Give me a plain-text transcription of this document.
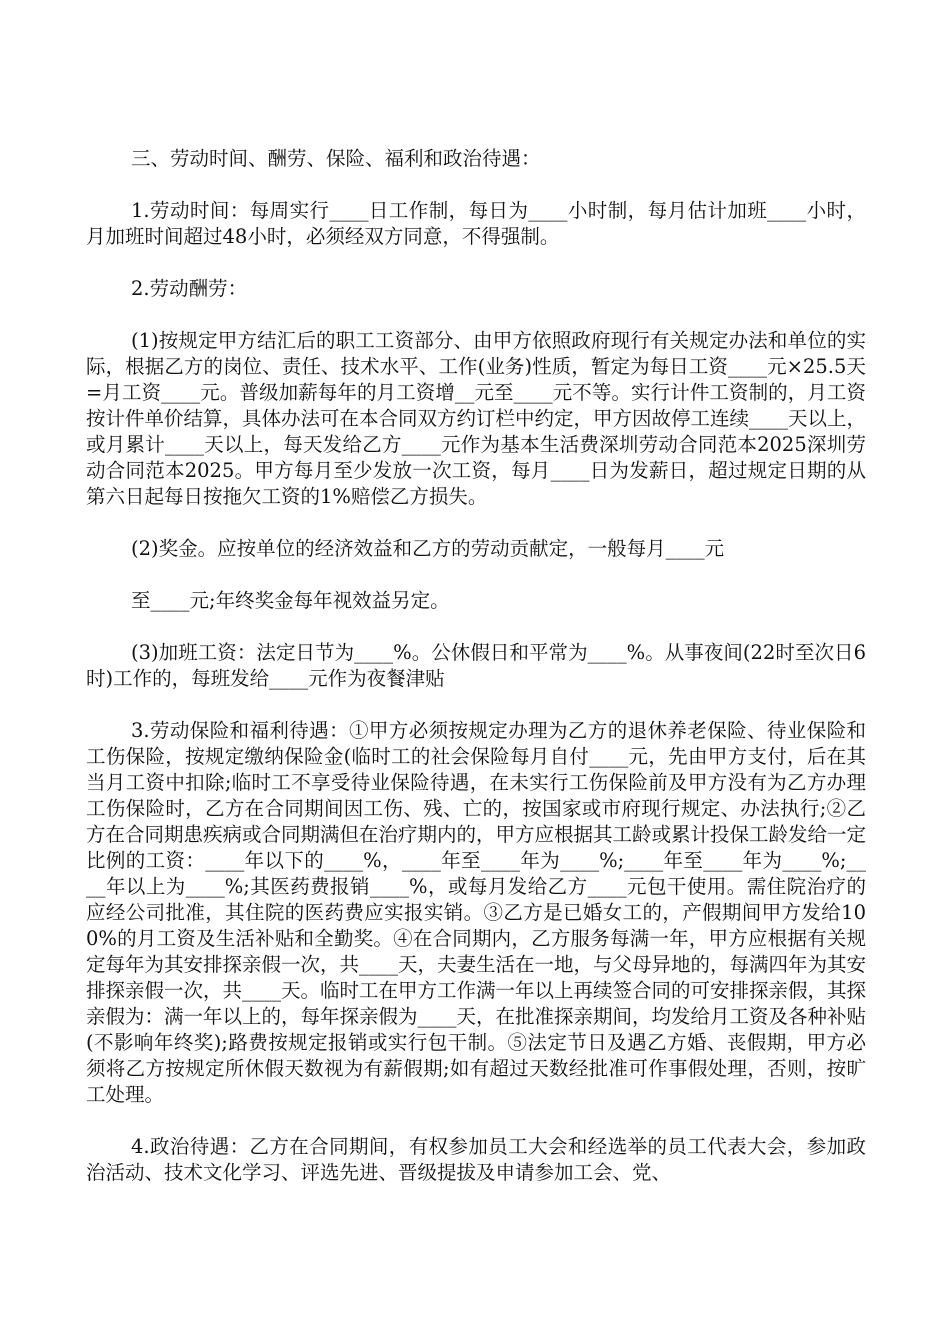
三、劳动时间、酬劳、保险、福利和政治待遇：

1.劳动时间：每周实行____日工作制，每日为____小时制，每月估计加班____小时，月加班时间超过48小时，必须经双方同意，不得强制。

2.劳动酬劳：

(1)按规定甲方结汇后的职工工资部分、由甲方依照政府现行有关规定办法和单位的实际，根据乙方的岗位、责任、技术水平、工作(业务)性质，暂定为每日工资____元×25.5天=月工资____元。普级加薪每年的月工资增__元至____元不等。实行计件工资制的，月工资按计件单价结算，具体办法可在本合同双方约订栏中约定，甲方因故停工连续____天以上，或月累计____天以上，每天发给乙方____元作为基本生活费深圳劳动合同范本2025深圳劳动合同范本2025。甲方每月至少发放一次工资，每月____日为发薪日，超过规定日期的从第六日起每日按拖欠工资的1%赔偿乙方损失。

(2)奖金。应按单位的经济效益和乙方的劳动贡献定，一般每月____元

至____元;年终奖金每年视效益另定。

(3)加班工资：法定日节为____%。公休假日和平常为____%。从事夜间(22时至次日6时)工作的，每班发给____元作为夜餐津贴

3.劳动保险和福利待遇：①甲方必须按规定办理为乙方的退休养老保险、待业保险和工伤保险，按规定缴纳保险金(临时工的社会保险每月自付____元，先由甲方支付，后在其当月工资中扣除;临时工不享受待业保险待遇，在未实行工伤保险前及甲方没有为乙方办理工伤保险时，乙方在合同期间因工伤、残、亡的，按国家或市府现行规定、办法执行;②乙方在合同期患疾病或合同期满但在治疗期内的，甲方应根据其工龄或累计投保工龄发给一定比例的工资：____年以下的____%，____年至____年为____%;____年至____年为____%;____年以上为____%;其医药费报销____%，或每月发给乙方____元包干使用。需住院治疗的应经公司批准，其住院的医药费应实报实销。③乙方是已婚女工的，产假期间甲方发给100%的月工资及生活补贴和全勤奖。④在合同期内，乙方服务每满一年，甲方应根据有关规定每年为其安排探亲假一次，共____天，夫妻生活在一地，与父母异地的，每满四年为其安排探亲假一次，共____天。临时工在甲方工作满一年以上再续签合同的可安排探亲假，其探亲假为：满一年以上的，每年探亲假为____天，在批准探亲期间，均发给月工资及各种补贴(不影响年终奖);路费按规定报销或实行包干制。⑤法定节日及遇乙方婚、丧假期，甲方必须将乙方按规定所休假天数视为有薪假期;如有超过天数经批准可作事假处理，否则，按旷工处理。

4.政治待遇：乙方在合同期间，有权参加员工大会和经选举的员工代表大会，参加政治活动、技术文化学习、评选先进、晋级提拔及申请参加工会、党、
